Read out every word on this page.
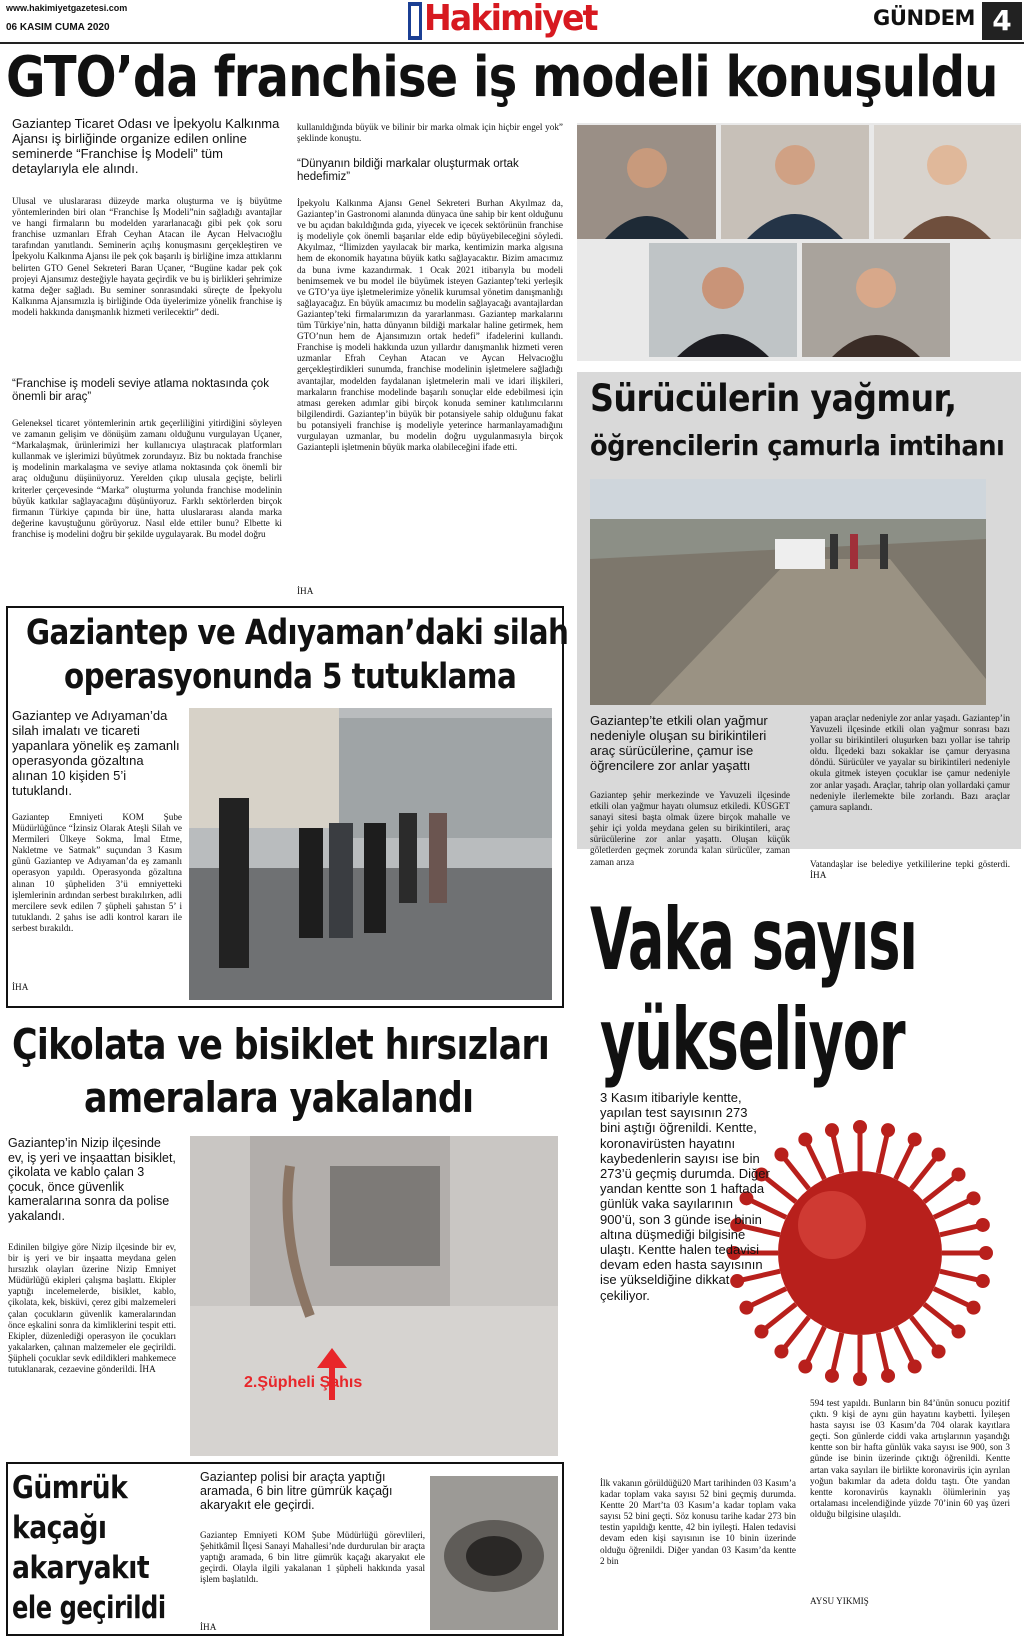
www.hakimiyetgazetesi.com
06 KASIM CUMA 2020	Hakimiyet	GÜNDEM 4
GTO’da franchise iş modeli konuşuldu
Gaziantep Ticaret Odası ve İpekyolu Kalkınma Ajansı iş birliğinde organize edilen online seminerde “Franchise İş Modeli” tüm detaylarıyla ele alındı.
Ulusal ve uluslararası düzeyde marka oluşturma ve iş büyütme yöntemlerinden biri olan “Franchise İş Modeli”nin sağladığı avantajlar ve hangi firmaların bu modelden yararlanacağı gibi pek çok soru franchise uzmanları Efrah Ceyhan Atacan ile Aycan Helvacıoğlu tarafından yanıtlandı. Seminerin açılış konuşmasını gerçekleştiren ve İpekyolu Kalkınma Ajansı ile pek çok başarılı iş birliğine imza attıklarını belirten GTO Genel Sekreteri Baran Uçaner, “Bugüne kadar pek çok projeyi Ajansımız desteğiyle hayata geçirdik ve bu iş birlikleri şehrimize katma değer sağladı. Bu seminer sonrasındaki süreçte de İpekyolu Kalkınma Ajansımızla iş birliğinde Oda üyelerimize yönelik franchise iş modeli hakkında danışmanlık hizmeti verilecektir” dedi.
“Franchise iş modeli seviye atlama noktasında çok önemli bir araç”
Geleneksel ticaret yöntemlerinin artık geçerliliğini yitirdiğini söyleyen ve zamanın gelişim ve dönüşüm zamanı olduğunu vurgulayan Uçaner, “Markalaşmak, ürünlerimizi her kullanıcıya ulaştıracak platformları kullanmak ve işlerimizi büyütmek zorundayız. Biz bu noktada franchise iş modelinin markalaşma ve seviye atlama noktasında çok önemli bir araç olduğunu düşünüyoruz. Yerelden çıkıp ulusala geçişte, belirli kriterler çerçevesinde “Marka” oluşturma yolunda franchise modelinin büyük katkılar sağlayacağını düşünüyoruz. Farklı sektörlerden birçok firmanın Türkiye çapında bir üne, hatta uluslararası alanda marka değerine kavuştuğunu görüyoruz. Nasıl elde ettiler bunu? Elbette ki franchise iş modelini doğru bir şekilde uygulayarak. Bu model doğru
kullanıldığında büyük ve bilinir bir marka olmak için hiçbir engel yok” şeklinde konuştu.
“Dünyanın bildiği markalar oluşturmak ortak hedefimiz”
İpekyolu Kalkınma Ajansı Genel Sekreteri Burhan Akyılmaz da, Gaziantep’in Gastronomi alanında dünyaca üne sahip bir kent olduğunu ve bu açıdan bakıldığında gıda, yiyecek ve içecek sektörünün franchise iş modeliyle çok önemli başarılar elde edip büyüyebileceğini söyledi. Akyılmaz, “İlimizden yayılacak bir marka, kentimizin marka algısına hem de ekonomik hayatına büyük katkı sağlayacaktır. Bizim amacımız da buna ivme kazandırmak. 1 Ocak 2021 itibarıyla bu modeli benimsemek ve bu model ile büyümek isteyen Gaziantep’teki yerleşik ve GTO’ya üye işletmelerimize yönelik kurumsal yönetim danışmanlığı sağlayacağız. En büyük amacımız bu modelin sağlayacağı avantajlardan Gaziantep’teki firmalarımızın da yararlanması. Gaziantep markalarını tüm Türkiye’nin, hatta dünyanın bildiği markalar haline getirmek, hem GTO’nun hem de Ajansımızın ortak hedefi” ifadelerini kullandı. Franchise iş modeli hakkında uzun yıllardır danışmanlık hizmeti veren uzmanlar Efrah Ceyhan Atacan ve Aycan Helvacıoğlu gerçekleştirdikleri sunumda, franchise modelinin işletmelere sağladığı avantajlar, modelden faydalanan işletmelerin mali ve idari ilişkileri, markaların franchise modelinde başarılı sonuçlar elde edebilmesi için atması gereken adımlar gibi birçok konuda seminer katılımcılarını bilgilendirdi. Gaziantep’in büyük bir potansiyele sahip olduğunu fakat bu potansiyeli franchise iş modeliyle yeterince harmanlayamadığını vurgulayan uzmanlar, bu modelin doğru uygulanmasıyla birçok Gaziantepli işletmenin büyük marka olabileceğini ifade etti.
İHA
Sürücülerin yağmur,
öğrencilerin çamurla imtihanı
Gaziantep’te etkili olan yağmur nedeniyle oluşan su birikintileri araç sürücülerine, çamur ise öğrencilere zor anlar yaşattı
Gaziantep şehir merkezinde ve Yavuzeli ilçesinde etkili olan yağmur hayatı olumsuz etkiledi. KÜSGET sanayi sitesi başta olmak üzere birçok mahalle ve şehir içi yolda meydana gelen su birikintileri, araç sürücülerine zor anlar yaşattı. Oluşan küçük göletlerden geçmek zorunda kalan sürücüler, zaman zaman arıza
yapan araçlar nedeniyle zor anlar yaşadı. Gaziantep’in Yavuzeli ilçesinde etkili olan yağmur sonrası bazı yollar su birikintileri oluşurken bazı yollar ise tahrip oldu. İlçedeki bazı sokaklar ise çamur deryasına döndü. Sürücüler ve yayalar su birikintileri nedeniyle okula gitmek isteyen çocuklar ise çamur nedeniyle zor anlar yaşadı. Araçlar, tahrip olan yollardaki çamur nedeniyle ilerlemekte bile zorlandı. Bazı araçlar çamura saplandı.
Vatandaşlar ise belediye yetkililerine tepki gösterdi. İHA
Gaziantep ve Adıyaman’daki silah
operasyonunda 5 tutuklama
Gaziantep ve Adıyaman’da silah imalatı ve ticareti yapanlara yönelik eş zamanlı operasyonda gözaltına alınan 10 kişiden 5’i tutuklandı.
Gaziantep Emniyeti KOM Şube Müdürlüğünce “İzinsiz Olarak Ateşli Silah ve Mermileri Ülkeye Sokma, İmal Etme, Nakletme ve Satmak” suçundan 3 Kasım günü Gaziantep ve Adıyaman’da eş zamanlı operasyon yapıldı. Operasyonda gözaltına alınan 10 şüpheliden 3’ü emniyetteki işlemlerinin ardından serbest bırakılırken, adli mercilere sevk edilen 7 şüpheli şahıstan 5’ i tutuklandı. 2 şahıs ise adli kontrol kararı ile serbest bırakıldı.
İHA
Çikolata ve bisiklet hırsızları
ameralara yakalandı
Gaziantep’in Nizip ilçesinde ev, iş yeri ve inşaattan bisiklet, çikolata ve kablo çalan 3 çocuk, önce güvenlik kameralarına sonra da polise yakalandı.
Edinilen bilgiye göre Nizip ilçesinde bir ev, bir iş yeri ve bir inşaatta meydana gelen hırsızlık olayları üzerine Nizip Emniyet Müdürlüğü ekipleri çalışma başlattı. Ekipler yaptığı incelemelerde, bisiklet, kablo, çikolata, kek, bisküvi, çerez gibi malzemeleri çalan çocukların güvenlik kameralarından önce eşkalini sonra da kimliklerini tespit etti. Ekipler, düzenlediği operasyon ile çocukları yakalarken, çalınan malzemeler ele geçirildi. Şüpheli çocuklar sevk edildikleri mahkemece tutuklanarak, cezaevine gönderildi. İHA
2.Şüpheli Şahıs
Gümrük
kaçağı
akaryakıt
ele geçirildi
Gaziantep polisi bir araçta yaptığı aramada, 6 bin litre gümrük kaçağı akaryakıt ele geçirdi.
Gaziantep Emniyeti KOM Şube Müdürlüğü görevlileri, Şehitkâmil İlçesi Sanayi Mahallesi’nde durdurulan bir araçta yaptığı aramada, 6 bin litre gümrük kaçağı akaryakıt ele geçirdi. Olayla ilgili yakalanan 1 şüpheli hakkında yasal işlem başlatıldı.
İHA
Vaka sayısı
yükseliyor
3 Kasım itibariyle kentte, yapılan test sayısının 273 bini aştığı öğrenildi. Kentte, koronavirüsten hayatını kaybedenlerin sayısı ise bin 273’ü geçmiş durumda. Diğer yandan kentte son 1 haftada günlük vaka sayılarının 900’ü, son 3 günde ise binin altına düşmediği bilgisine ulaştı. Kentte halen tedavisi devam eden hasta sayısının ise yükseldiğine dikkat çekiliyor.
İlk vakanın görüldüğü20 Mart tarihinden 03 Kasım’a kadar toplam vaka sayısı 52 bini geçmiş durumda. Kentte 20 Mart’ta 03 Kasım’a kadar toplam vaka sayısı 52 bini geçti. Söz konusu tarihe kadar 273 bin testin yapıldığı kentte, 42 bin iyileşti. Halen tedavisi devam eden kişi sayısının ise 10 binin üzerinde olduğu öğrenildi. Diğer yandan 03 Kasım’da kentte 2 bin
594 test yapıldı. Bunların bin 84’ünün sonucu pozitif çıktı. 9 kişi de aynı gün hayatını kaybetti. İyileşen hasta sayısı ise 03 Kasım’da 704 olarak kayıtlara geçti. Son günlerde ciddi vaka artışlarının yaşandığı kentte son bir hafta günlük vaka sayısı ise 900, son 3 günde ise binin üzerinde çıktığı öğrenildi. Kentte artan vaka sayıları ile birlikte koronavirüs için ayrılan yoğun bakımlar da adeta doldu taştı. Öte yandan kentte koronavirüs kaynaklı ölümlerinin yaş ortalaması incelendiğinde yüzde 70’inin 60 yaş üzeri olduğu bilgisine ulaşıldı.
AYSU YIKMIŞ
